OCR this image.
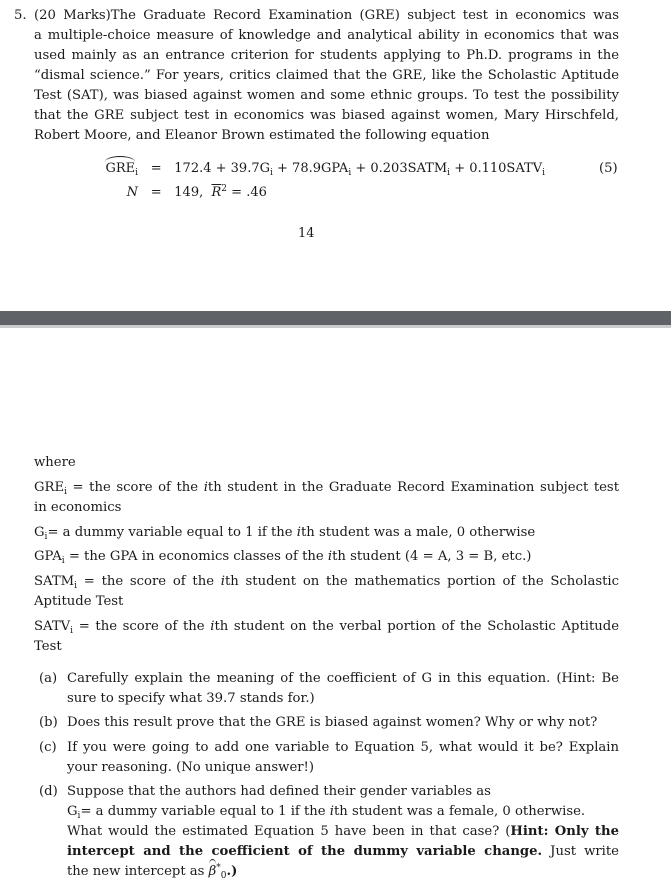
5. (20 Marks)The Graduate Record Examination (GRE) subject test in economics was
a multiple-choice measure of knowledge and analytical ability in economics that was
used mainly as an entrance criterion for students applying to Ph.D. programs in the
“dismal science.” For years, critics claimed that the GRE, like the Scholastic Aptitude
Test (SAT), was biased against women and some ethnic groups. To test the possibility
that the GRE subject test in economics was biased against women, Mary Hirschfeld,
Robert Moore, and Eleanor Brown estimated the following equation
$GRE_i = 172.4 + 39.7G_i + 78.9GPA_i$ + $0.203SATM_i$ + $0.110SATV_i$	(5)
N = 149, $\overline{R}^2 = .46$
14
where
$GRE_i$ = the score of the ith student in the Graduate Record Examination subject test
in economics
$G_i= a$ dummy variable equal to 1 if the ith student was a male, 0 otherwise
$GPA_i$ = the GPA in economics classes of the ith student (4 = A, 3 = B, etc.)
$SATM_i$ = the score of the ith student on the mathematics portion of the Scholastic
Aptitude Test
$SATV_i$ = the score of the ith student on the verbal portion of the Scholastic Aptitude
Test
(a) Carefully explain the meaning of the coefficient of G in this equation. (Hint: Be
sure to specify what 39.7 stands for.)
(b) Does this result prove that the GRE is biased against women? Why or why not?
(c) If you were going to add one variable to Equation 5, what would it be? Explain
your reasoning. (No unique answer!)
(d) Suppose that the authors had defined their gender variables as
$G_i= a$ dummy variable equal to 1 if the ith student was a female, 0 otherwise.
What would the estimated Equation 5 have been in that case? (Hint: Only the
intercept and the coefficient of the dummy variable change. Just write
the new intercept as $\beta^*_0$.)
